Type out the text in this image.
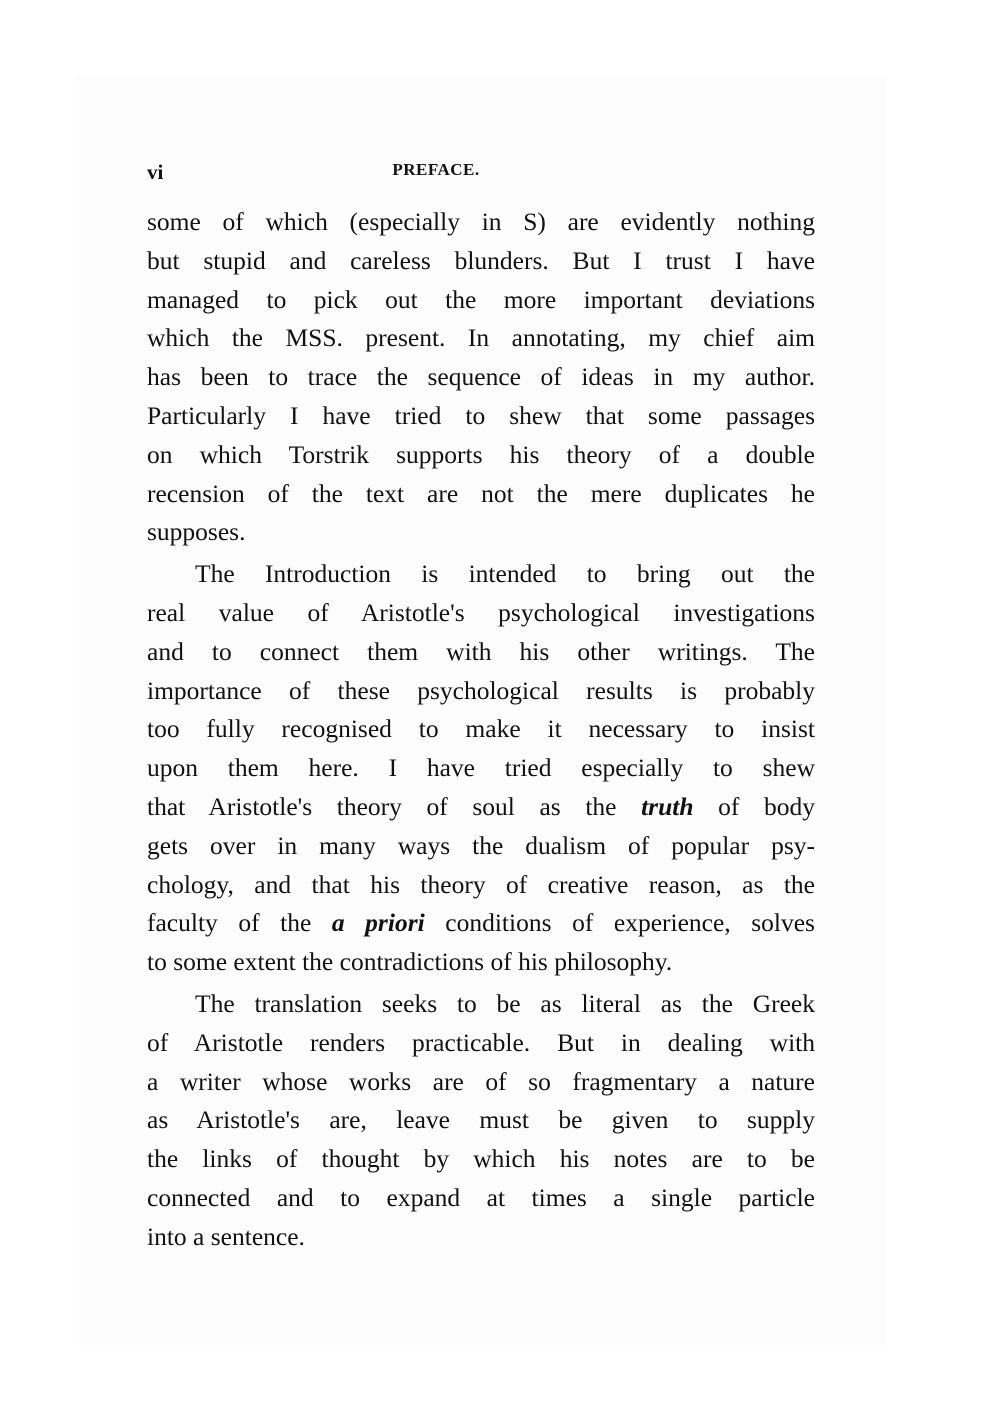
vi	PREFACE.
some of which (especially in S) are evidently nothing
but stupid and careless blunders. But I trust I have
managed to pick out the more important deviations
which the MSS. present. In annotating, my chief aim
has been to trace the sequence of ideas in my author.
Particularly I have tried to shew that some passages
on which Torstrik supports his theory of a double
recension of the text are not the mere duplicates he
supposes.
The Introduction is intended to bring out the
real value of Aristotle's psychological investigations
and to connect them with his other writings. The
importance of these psychological results is probably
too fully recognised to make it necessary to insist
upon them here. I have tried especially to shew
that Aristotle's theory of soul as the truth of body
gets over in many ways the dualism of popular psy-
chology, and that his theory of creative reason, as the
faculty of the a priori conditions of experience, solves
to some extent the contradictions of his philosophy.
The translation seeks to be as literal as the Greek
of Aristotle renders practicable. But in dealing with
a writer whose works are of so fragmentary a nature
as Aristotle's are, leave must be given to supply
the links of thought by which his notes are to be
connected and to expand at times a single particle
into a sentence.
